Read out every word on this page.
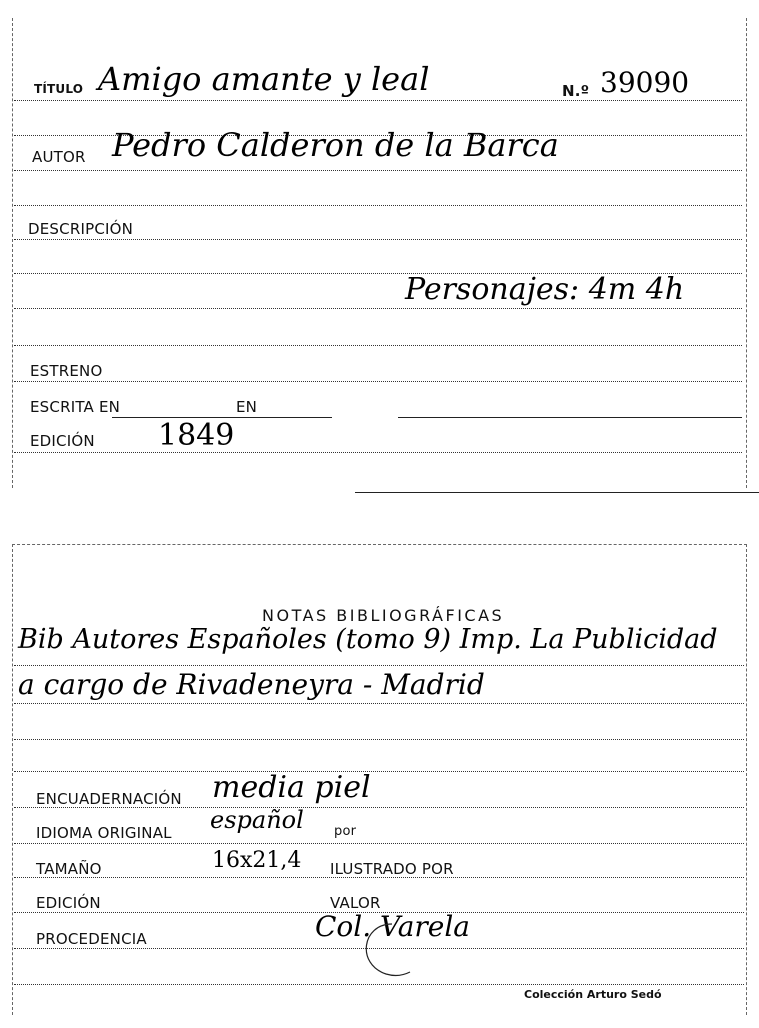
TÍTULO Amigo amante y leal	N.º 39090
AUTOR Pedro Calderon de la Barca
DESCRIPCIÓN
Personajes: 4m 4h
ESTRENO
ESCRITA EN	EN
EDICIÓN 1849
NOTAS BIBLIOGRÁFICAS
Bib Autores Españoles (tomo 9) Imp. La Publicidad
a cargo de Rivadeneyra - Madrid
ENCUADERNACIÓN media piel
IDIOMA ORIGINAL español por
TAMAÑO	16x21,4 ILUSTRADO POR
EDICIÓN	VALOR
PROCEDENCIA	Col. Varela
Colección Arturo Sedó
